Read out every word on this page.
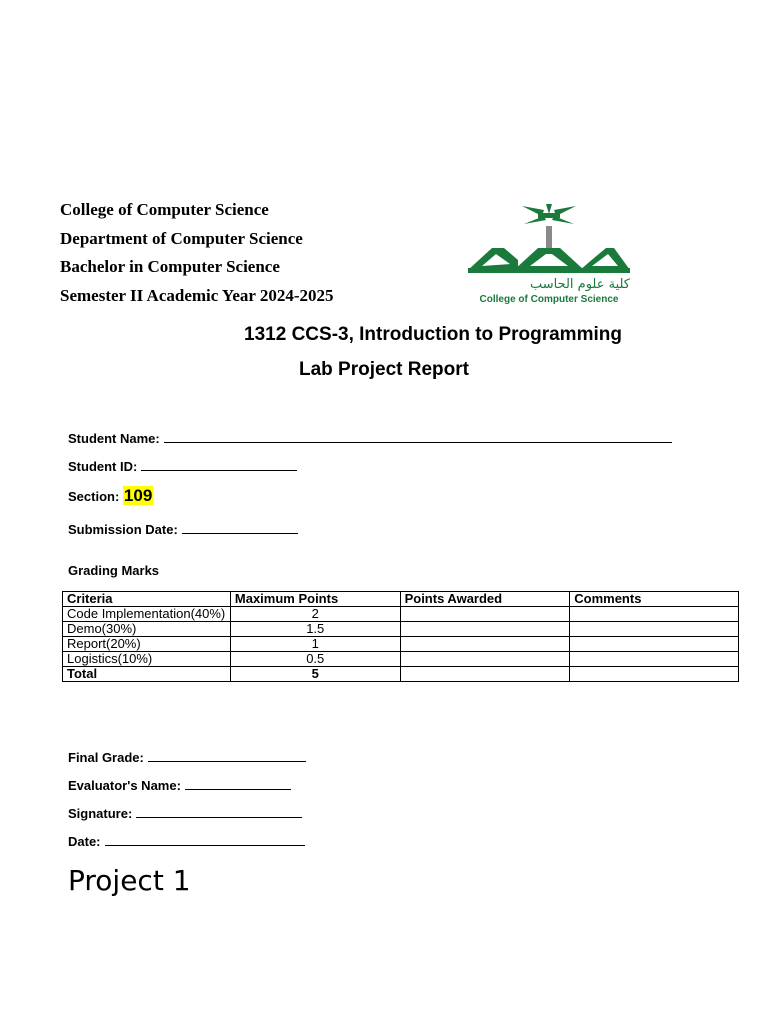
College of Computer Science
Department of Computer Science
Bachelor in Computer Science
Semester II Academic Year 2024-2025
كلية علوم الحاسب
College of Computer Science
1312 CCS-3, Introduction to Programming
Lab Project Report
Student Name:
Student ID:
Section: 109
Submission Date:
Grading Marks
Criteria	Maximum Points	Points Awarded	Comments
Code Implementation(40%)	2		
Demo(30%)	1.5		
Report(20%)	1		
Logistics(10%)	0.5		
Total	5		
Final Grade:
Evaluator's Name:
Signature:
Date:
Project 1
